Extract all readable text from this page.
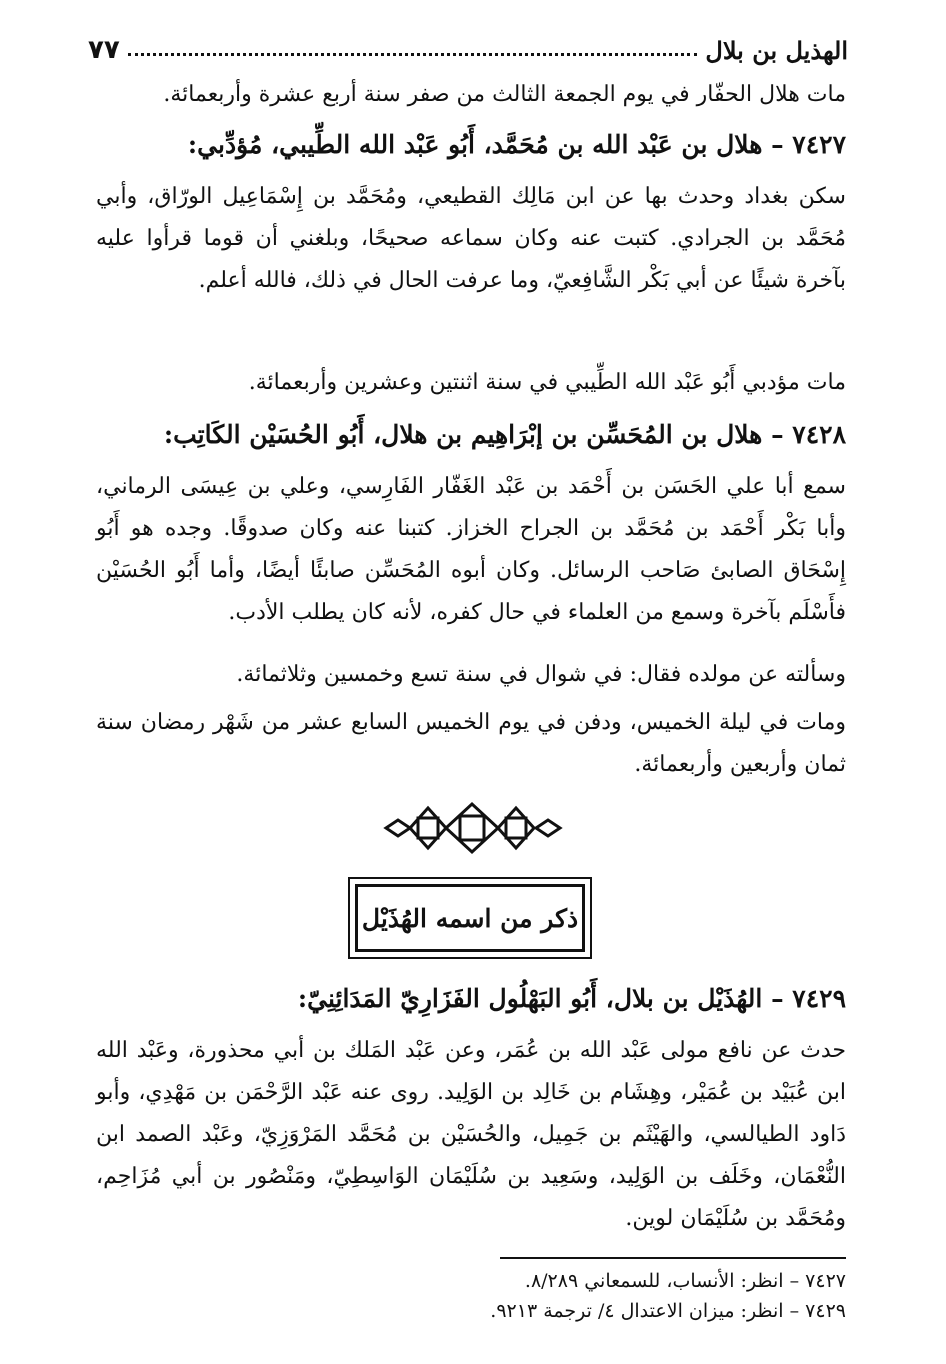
الهذيل بن بلال
٧٧

مات هلال الحفّار في يوم الجمعة الثالث من صفر سنة أربع عشرة وأربعمائة.

٧٤٢٧ – هلال بن عَبْد الله بن مُحَمَّد، أَبُو عَبْد الله الطِّيبي، مُؤدِّبي:

سكن بغداد وحدث بها عن ابن مَالِك القطيعي، ومُحَمَّد بن إِسْمَاعِيل الورّاق، وأبي مُحَمَّد بن الجرادي. كتبت عنه وكان سماعه صحيحًا، وبلغني أن قوما قرأوا عليه بآخرة شيئًا عن أبي بَكْر الشَّافِعيّ، وما عرفت الحال في ذلك، فالله أعلم.

مات مؤدبي أَبُو عَبْد الله الطِّيبي في سنة اثنتين وعشرين وأربعمائة.

٧٤٢٨ – هلال بن المُحَسِّن بن إبْرَاهِيم بن هلال، أَبُو الحُسَيْن الكَاتِب:

سمع أبا علي الحَسَن بن أَحْمَد بن عَبْد الغَفّار الفَارِسي، وعلي بن عِيسَى الرماني، وأبا بَكْر أَحْمَد بن مُحَمَّد بن الجراح الخزاز. كتبنا عنه وكان صدوقًا. وجده هو أَبُو إِسْحَاق الصابئ صَاحب الرسائل. وكان أبوه المُحَسِّن صابئًا أيضًا، وأما أَبُو الحُسَيْن فأَسْلَم بآخرة وسمع من العلماء في حال كفره، لأنه كان يطلب الأدب.

وسألته عن مولده فقال: في شوال في سنة تسع وخمسين وثلاثمائة.

ومات في ليلة الخميس، ودفن في يوم الخميس السابع عشر من شَهْر رمضان سنة ثمان وأربعين وأربعمائة.

ذكر من اسمه الهُذَيْل

٧٤٢٩ – الهُذَيْل بن بلال، أَبُو البَهْلُول الفَزَارِيّ المَدَائِنِيّ:

حدث عن نافع مولى عَبْد الله بن عُمَر، وعن عَبْد المَلك بن أبي محذورة، وعَبْد الله ابن عُبَيْد بن عُمَيْر، وهِشَام بن خَالِد بن الوَلِيد. روى عنه عَبْد الرَّحْمَن بن مَهْدِي، وأبو دَاود الطيالسي، والهَيْثَم بن جَمِيل، والحُسَيْن بن مُحَمَّد المَرْوَزِيّ، وعَبْد الصمد ابن النُّعْمَان، وخَلَف بن الوَلِيد، وسَعِيد بن سُلَيْمَان الوَاسِطِيّ، ومَنْصُور بن أبي مُزَاحِم، ومُحَمَّد بن سُلَيْمَان لوين.

٧٤٢٧ – انظر: الأنساب، للسمعاني ٨/٢٨٩.

٧٤٢٩ – انظر: ميزان الاعتدال ٤/ ترجمة ٩٢١٣.
